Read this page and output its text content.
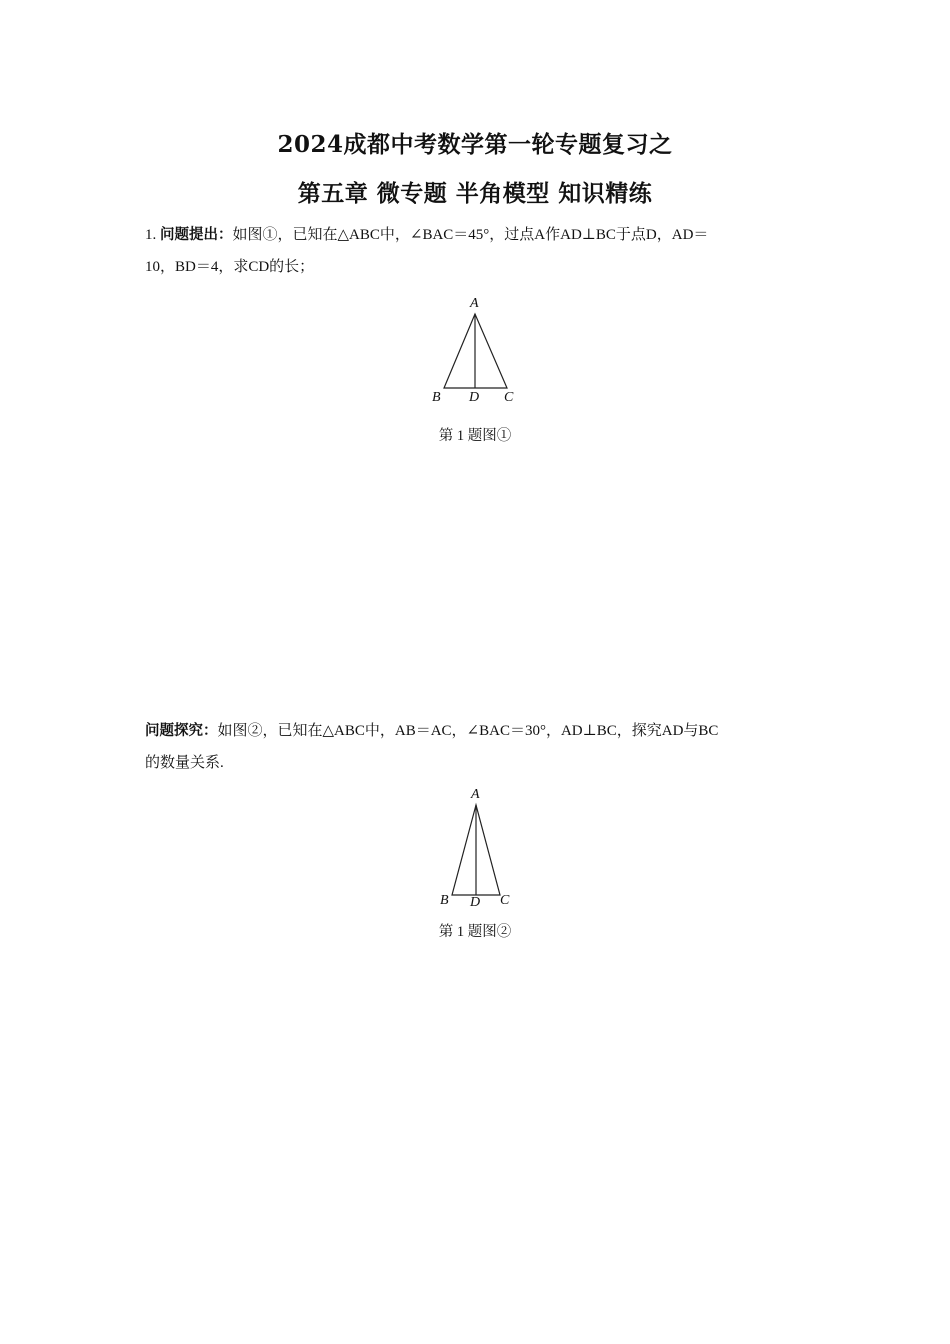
2024成都中考数学第一轮专题复习之
第五章 微专题 半角模型 知识精练
1. 问题提出：如图①，已知在△ABC中，∠BAC＝45°，过点A作AD⊥BC于点D，AD＝
10，BD＝4，求CD的长；
A
B D C
第 1 题图①
问题探究：如图②，已知在△ABC中，AB＝AC，∠BAC＝30°，AD⊥BC，探究AD与BC
的数量关系.
A
B D C
第 1 题图②
